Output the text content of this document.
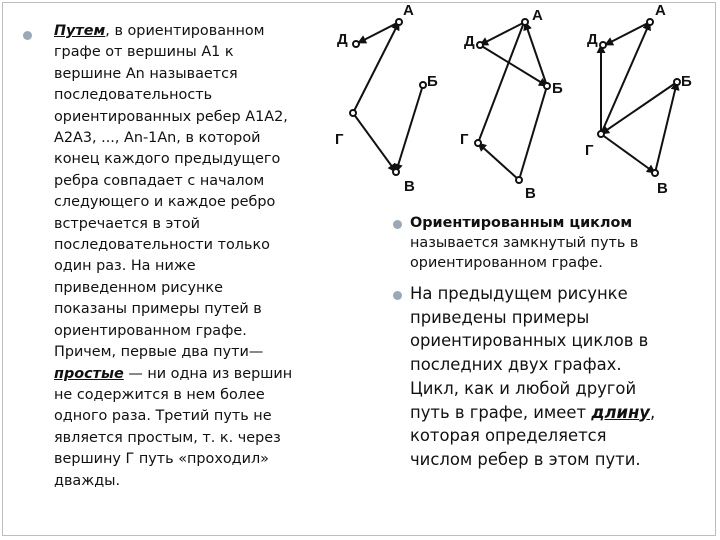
Путем, в ориентированном
графе от вершины А1 к
вершине Аn называется
последовательность
ориентированных ребер А1А2,
А2А3, ..., Аn-1Аn, в которой
конец каждого предыдущего
ребра совпадает с началом
следующего и каждое ребро
встречается в этой
последовательности только
один раз. На ниже
приведенном рисунке
показаны примеры путей в
ориентированном графе.
Причем, первые два пути—
простые — ни одна из вершин
не содержится в нем более
одного раза. Третий путь не
является простым, т. к. через
вершину Г путь «проходил»
дважды.
А
Д
Б
Г
В
А
Д
Б
Г
В
А
Д
Б
Г
В
Ориентированным циклом
называется замкнутый путь в
ориентированном графе.
На предыдущем рисунке
приведены примеры
ориентированных циклов в
последних двух графах.
Цикл, как и любой другой
путь в графе, имеет длину,
которая определяется
числом ребер в этом пути.
